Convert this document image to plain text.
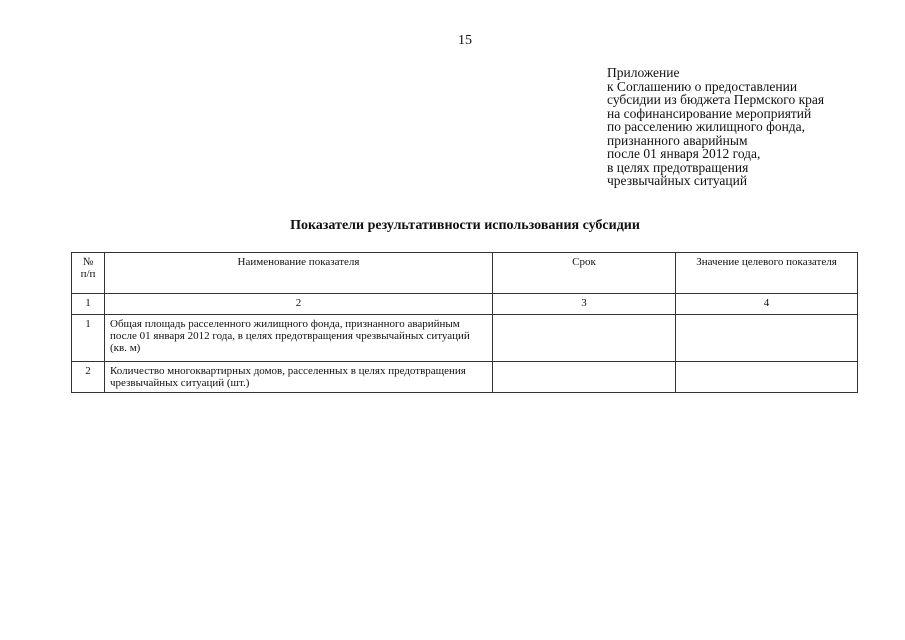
15
Приложение
к Соглашению о предоставлении
субсидии из бюджета Пермского края
на софинансирование мероприятий
по расселению жилищного фонда,
признанного аварийным
после 01 января 2012 года,
в целях предотвращения
чрезвычайных ситуаций
Показатели результативности использования субсидии
№
п/п	Наименование показателя	Срок	Значение целевого показателя
1	2	3	4
1	Общая площадь расселенного жилищного фонда, признанного аварийным после 01 января 2012 года, в целях предотвращения чрезвычайных ситуаций (кв. м)		
2	Количество многоквартирных домов, расселенных в целях предотвращения чрезвычайных ситуаций (шт.)		
